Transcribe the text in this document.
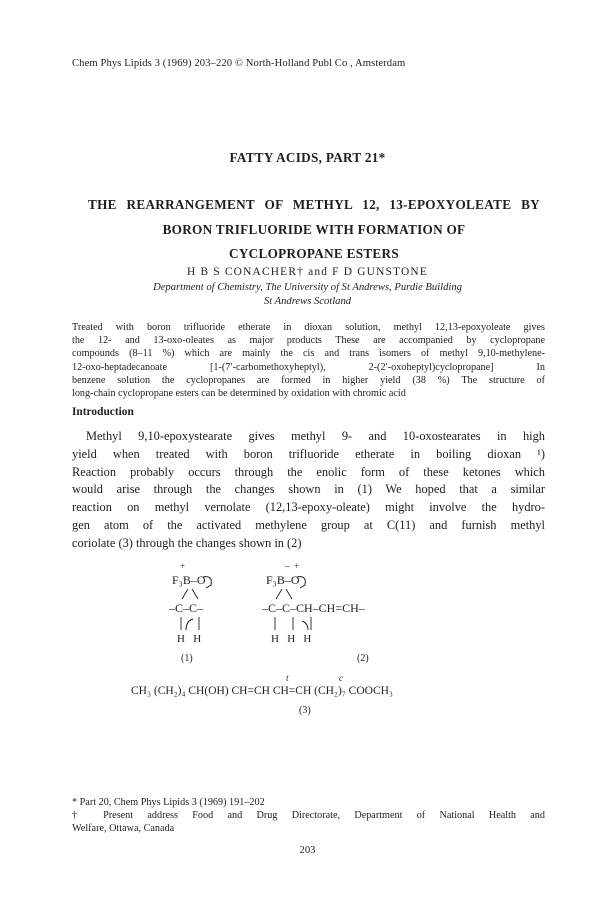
Chem Phys Lipids 3 (1969) 203–220 © North-Holland Publ Co , Amsterdam
FATTY ACIDS, PART 21*
THE REARRANGEMENT OF METHYL 12, 13-EPOXYOLEATE BY
BORON TRIFLUORIDE WITH FORMATION OF
CYCLOPROPANE ESTERS
H B S CONACHER† and F D GUNSTONE
Department of Chemistry, The University of St Andrews, Purdie Building
St Andrews Scotland
Treated with boron trifluoride etherate in dioxan solution, methyl 12,13-epoxyoleate gives
the 12- and 13-oxo-oleates as major products These are accompanied by cyclopropane
compounds (8–11 %) which are mainly the cis and trans isomers of methyl 9,10-methylene-
12-oxo-heptadecanoate [1-(7′-carbomethoxyheptyl), 2-(2′-oxoheptyl)cyclopropane] In
benzene solution the cyclopropanes are formed in higher yield (38 %) The structure of
long-chain cyclopropane esters can be determined by oxidation with chromic acid
Introduction
Methyl 9,10-epoxystearate gives methyl 9- and 10-oxostearates in high
yield when treated with boron trifluoride etherate in boiling dioxan ¹)
Reaction probably occurs through the enolic form of these ketones which
would arise through the changes shown in (1) We hoped that a similar
reaction on methyl vernolate (12,13-epoxy-oleate) might involve the hydro-
gen atom of the activated methylene group at C(11) and furnish methyl
coriolate (3) through the changes shown in (2)
+
F₃B–O
–C–C–
H   H
(1)
–  +
F₃B–O
–C–C–CH–CH=CH–
H   H   H
(2)
t	c
CH₃ (CH₂)₄ CH(OH) CH=CH CH=CH (CH₂)₇ COOCH₃
(3)
* Part 20, Chem Phys Lipids 3 (1969) 191–202
† Present address Food and Drug Directorate, Department of National Health and
Welfare, Ottawa, Canada
203
